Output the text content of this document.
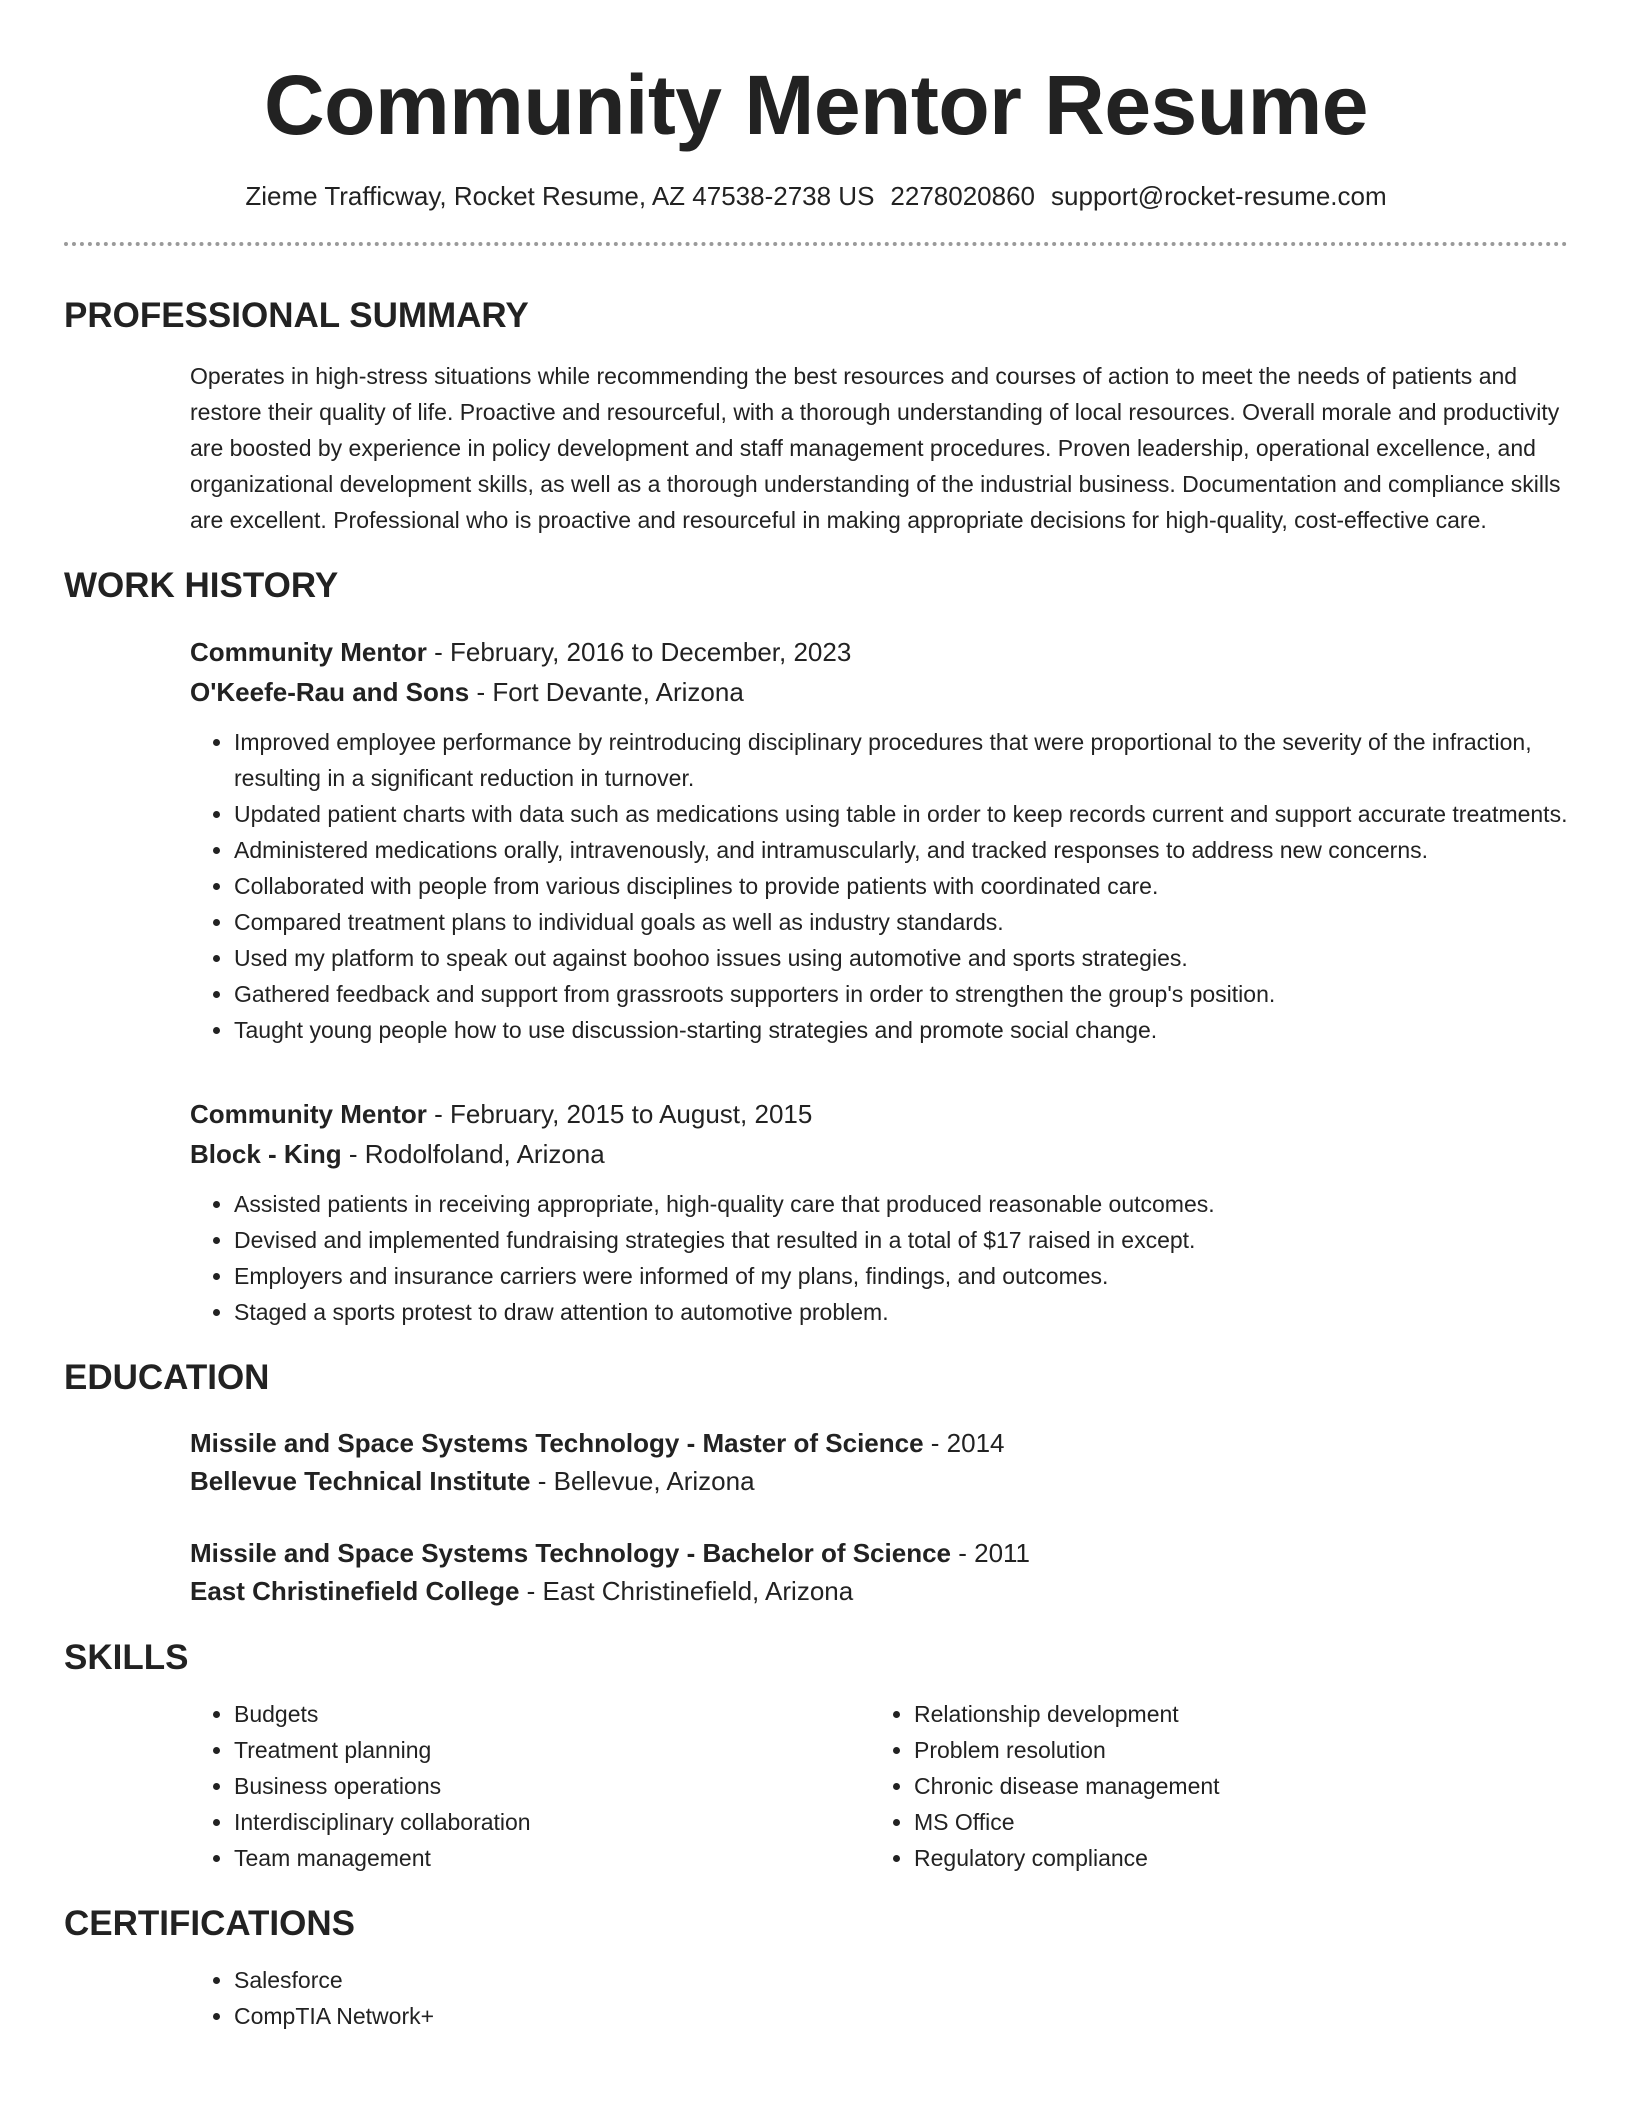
Community Mentor Resume
Zieme Trafficway, Rocket Resume, AZ 47538-2738 US 2278020860 support@rocket-resume.com
PROFESSIONAL SUMMARY

Operates in high-stress situations while recommending the best resources and courses of action to meet the needs of patients and restore their quality of life. Proactive and resourceful, with a thorough understanding of local resources. Overall morale and productivity are boosted by experience in policy development and staff management procedures. Proven leadership, operational excellence, and organizational development skills, as well as a thorough understanding of the industrial business. Documentation and compliance skills are excellent. Professional who is proactive and resourceful in making appropriate decisions for high-quality, cost-effective care.

WORK HISTORY
Community Mentor - February, 2016 to December, 2023
O'Keefe-Rau and Sons - Fort Devante, Arizona
• Improved employee performance by reintroducing disciplinary procedures that were proportional to the severity of the infraction, resulting in a significant reduction in turnover.
• Updated patient charts with data such as medications using table in order to keep records current and support accurate treatments.
• Administered medications orally, intravenously, and intramuscularly, and tracked responses to address new concerns.
• Collaborated with people from various disciplines to provide patients with coordinated care.
• Compared treatment plans to individual goals as well as industry standards.
• Used my platform to speak out against boohoo issues using automotive and sports strategies.
• Gathered feedback and support from grassroots supporters in order to strengthen the group's position.
• Taught young people how to use discussion-starting strategies and promote social change.
Community Mentor - February, 2015 to August, 2015
Block - King - Rodolfoland, Arizona
• Assisted patients in receiving appropriate, high-quality care that produced reasonable outcomes.
• Devised and implemented fundraising strategies that resulted in a total of $17 raised in except.
• Employers and insurance carriers were informed of my plans, findings, and outcomes.
• Staged a sports protest to draw attention to automotive problem.
EDUCATION
Missile and Space Systems Technology - Master of Science - 2014
Bellevue Technical Institute - Bellevue, Arizona
Missile and Space Systems Technology - Bachelor of Science - 2011
East Christinefield College - East Christinefield, Arizona
SKILLS
• Budgets
• Treatment planning
• Business operations
• Interdisciplinary collaboration
• Team management
• Relationship development
• Problem resolution
• Chronic disease management
• MS Office
• Regulatory compliance
CERTIFICATIONS
• Salesforce
• CompTIA Network+
